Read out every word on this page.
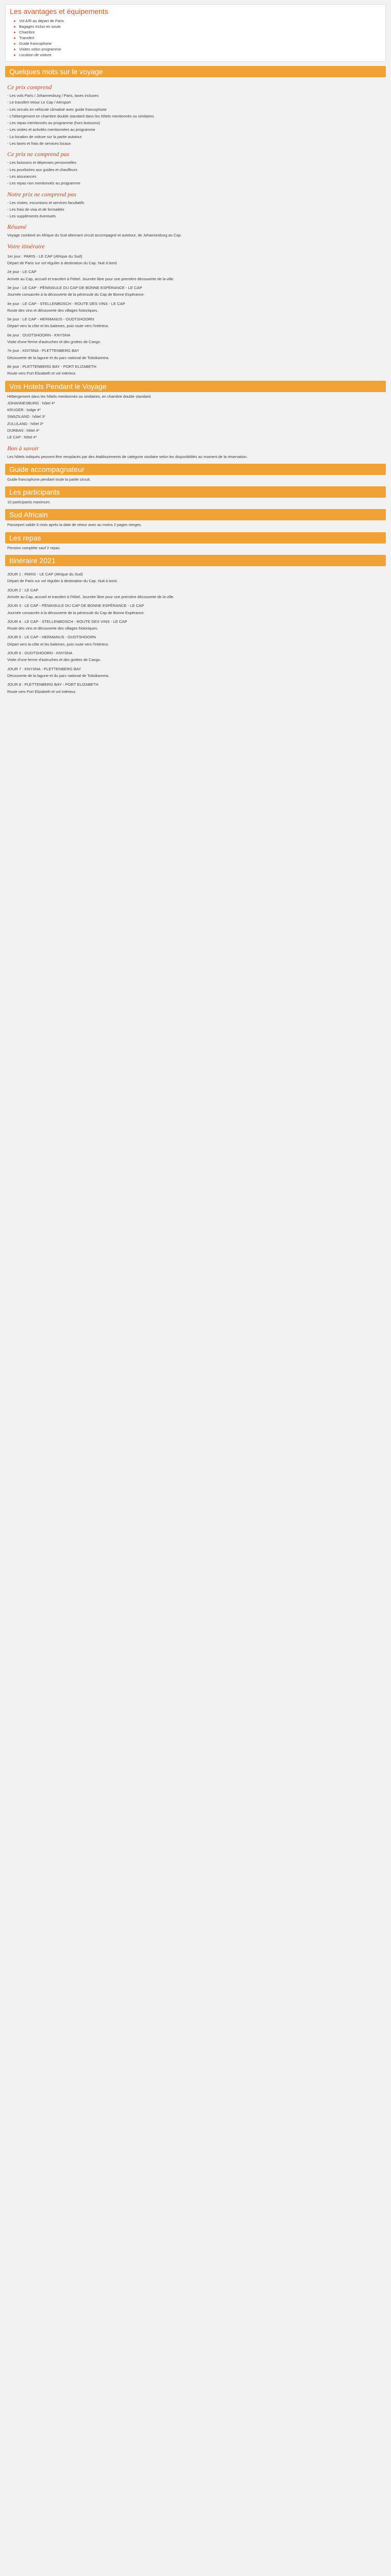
Les avantages et équipements
Vol A/R au départ de Paris
Bagages inclus en soute
Chambre
Transfert
Guide francophone
Visites selon programme
Location de voiture
Quelques mots sur le voyage
Ce prix comprend

- Les vols Paris / Johannesburg / Paris, taxes incluses

- Le transfert retour Le Cap / Aéroport

- Les circuits en véhicule climatisé avec guide francophone

- L'hébergement en chambre double standard dans les hôtels mentionnés ou similaires

- Les repas mentionnés au programme (hors boissons)

- Les visites et activités mentionnées au programme

- La location de voiture sur la partie autotour

- Les taxes et frais de services locaux

Ce prix ne comprend pas

- Les boissons et dépenses personnelles

- Les pourboires aux guides et chauffeurs

- Les assurances

- Les repas non mentionnés au programme

Notre prix ne comprend pas

- Les visites, excursions et services facultatifs

- Les frais de visa et de formalités

- Les suppléments éventuels

Résumé

Voyage combiné en Afrique du Sud alternant circuit accompagné et autotour, de Johannesburg au Cap.

Votre itinéraire
1er jour : PARIS - LE CAP (Afrique du Sud)

Départ de Paris sur vol régulier à destination du Cap. Nuit à bord.

2e jour : LE CAP

Arrivée au Cap, accueil et transfert à l'hôtel. Journée libre pour une première découverte de la ville.

3e jour : LE CAP - PÉNINSULE DU CAP DE BONNE ESPÉRANCE - LE CAP

Journée consacrée à la découverte de la péninsule du Cap de Bonne Espérance.

4e jour : LE CAP - STELLENBOSCH - ROUTE DES VINS - LE CAP

Route des vins et découverte des villages historiques.

5e jour : LE CAP - HERMANUS - OUDTSHOORN

Départ vers la côte et les baleines, puis route vers l'intérieur.

6e jour : OUDTSHOORN - KNYSNA

Visite d'une ferme d'autruches et des grottes de Cango.

7e jour : KNYSNA - PLETTENBERG BAY

Découverte de la lagune et du parc national de Tsitsikamma.

8e jour : PLETTENBERG BAY - PORT ELIZABETH

Route vers Port Elizabeth et vol intérieur.

Vos Hotels Pendant le Voyage

Hébergement dans les hôtels mentionnés ou similaires, en chambre double standard.

JOHANNESBURG : hôtel 4*

KRUGER : lodge 4*

SWAZILAND : hôtel 3*

ZULULAND : hôtel 3*

DURBAN : hôtel 4*

LE CAP : hôtel 4*

Bon à savoir

Les hôtels indiqués peuvent être remplacés par des établissements de catégorie similaire selon les disponibilités au moment de la réservation.

Guide accompagnateur

Guide francophone pendant toute la partie circuit.

Les participants

10 participants maximum.

Sud Africain

Passeport valide 6 mois après la date de retour avec au moins 2 pages vierges.

Les repas

Pension complète sauf 2 repas.

Itinéraire 2021
JOUR 1 : PARIS - LE CAP (Afrique du Sud)

Départ de Paris sur vol régulier à destination du Cap. Nuit à bord.

JOUR 2 : LE CAP

Arrivée au Cap, accueil et transfert à l'hôtel. Journée libre pour une première découverte de la ville.

JOUR 3 : LE CAP - PÉNINSULE DU CAP DE BONNE ESPÉRANCE - LE CAP

Journée consacrée à la découverte de la péninsule du Cap de Bonne Espérance.

JOUR 4 : LE CAP - STELLENBOSCH - ROUTE DES VINS - LE CAP

Route des vins et découverte des villages historiques.

JOUR 5 : LE CAP - HERMANUS - OUDTSHOORN

Départ vers la côte et les baleines, puis route vers l'intérieur.

JOUR 6 : OUDTSHOORN - KNYSNA

Visite d'une ferme d'autruches et des grottes de Cango.

JOUR 7 : KNYSNA - PLETTENBERG BAY

Découverte de la lagune et du parc national de Tsitsikamma.

JOUR 8 : PLETTENBERG BAY - PORT ELIZABETH

Route vers Port Elizabeth et vol intérieur.
